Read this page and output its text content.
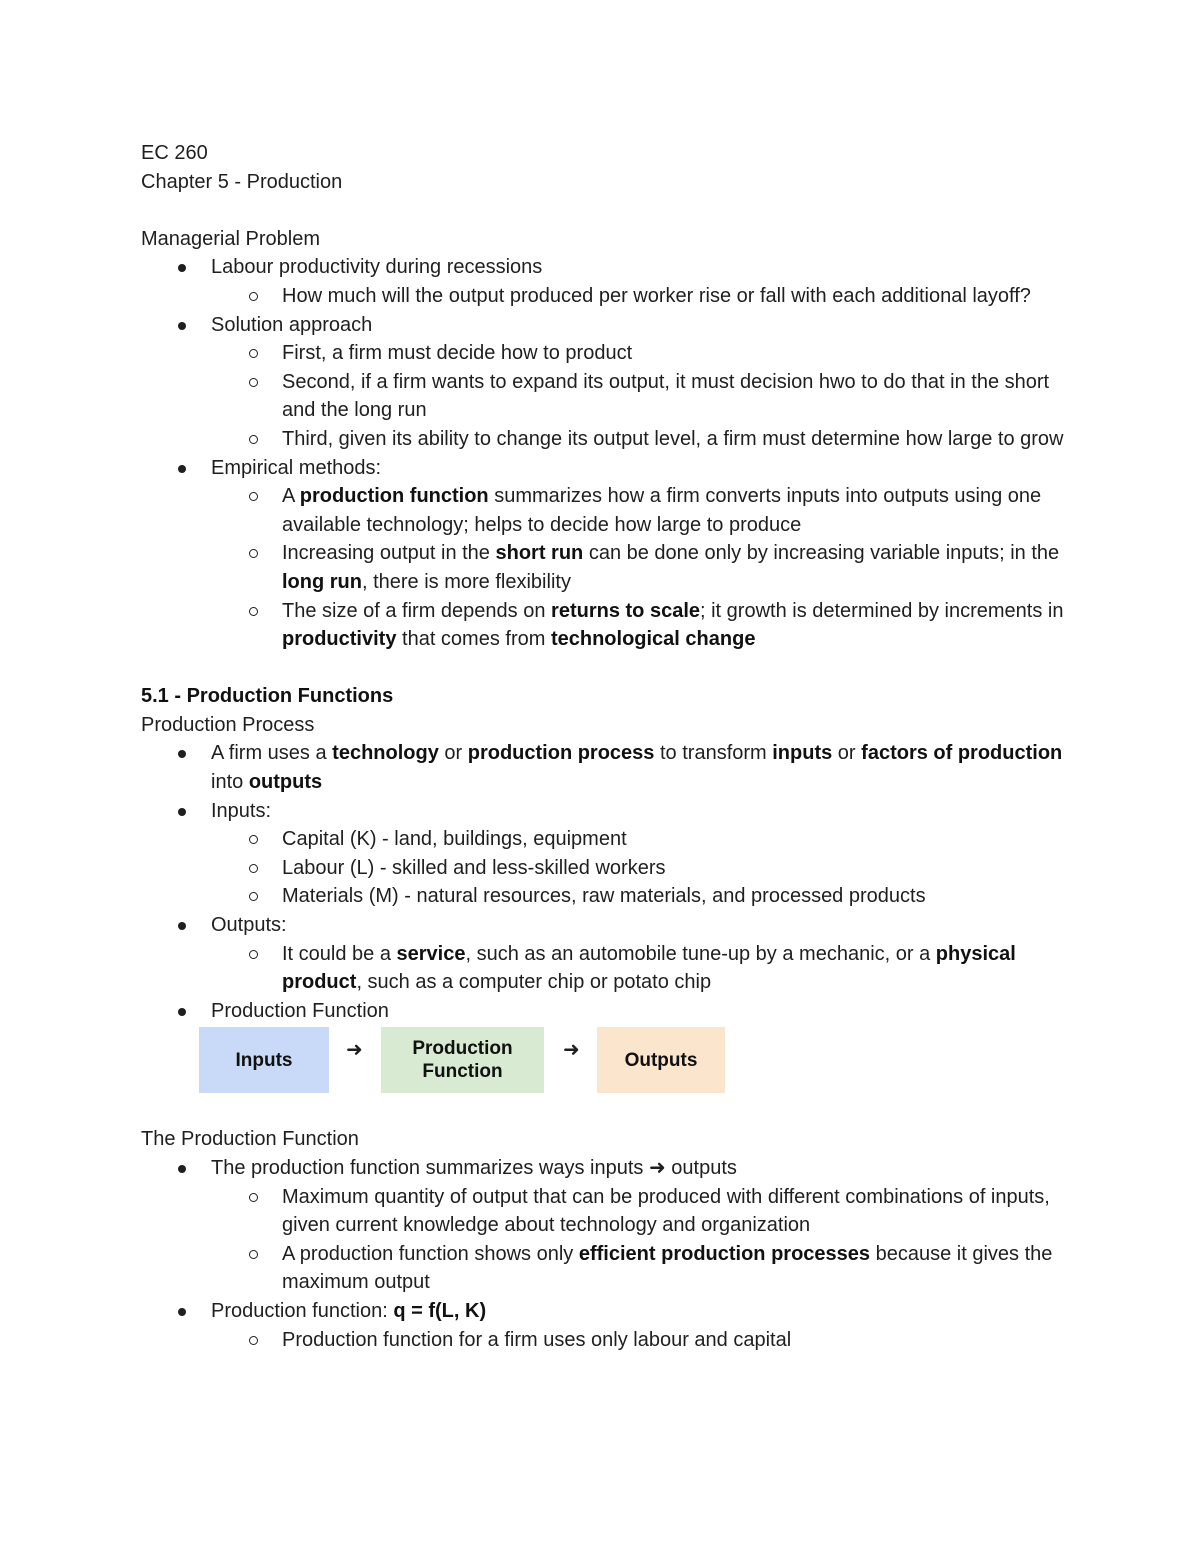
EC 260
Chapter 5 - Production
Managerial Problem
Labour productivity during recessions
How much will the output produced per worker rise or fall with each additional layoff?
Solution approach
First, a firm must decide how to product
Second, if a firm wants to expand its output, it must decision hwo to do that in the short and the long run
Third, given its ability to change its output level, a firm must determine how large to grow
Empirical methods:
A production function summarizes how a firm converts inputs into outputs using one available technology; helps to decide how large to produce
Increasing output in the short run can be done only by increasing variable inputs; in the long run, there is more flexibility
The size of a firm depends on returns to scale; it growth is determined by increments in productivity that comes from technological change
5.1 - Production Functions
Production Process
A firm uses a technology or production process to transform inputs or factors of production into outputs
Inputs:
Capital (K) - land, buildings, equipment
Labour (L) - skilled and less-skilled workers
Materials (M) - natural resources, raw materials, and processed products
Outputs:
It could be a service, such as an automobile tune-up by a mechanic, or a physical product, such as a computer chip or potato chip
Production Function
Inputs	➜	Production Function
➜	Outputs
The Production Function
The production function summarizes ways inputs ➜ outputs
Maximum quantity of output that can be produced with different combinations of inputs, given current knowledge about technology and organization
A production function shows only efficient production processes because it gives the maximum output
Production function: q = f(L, K)
Production function for a firm uses only labour and capital
